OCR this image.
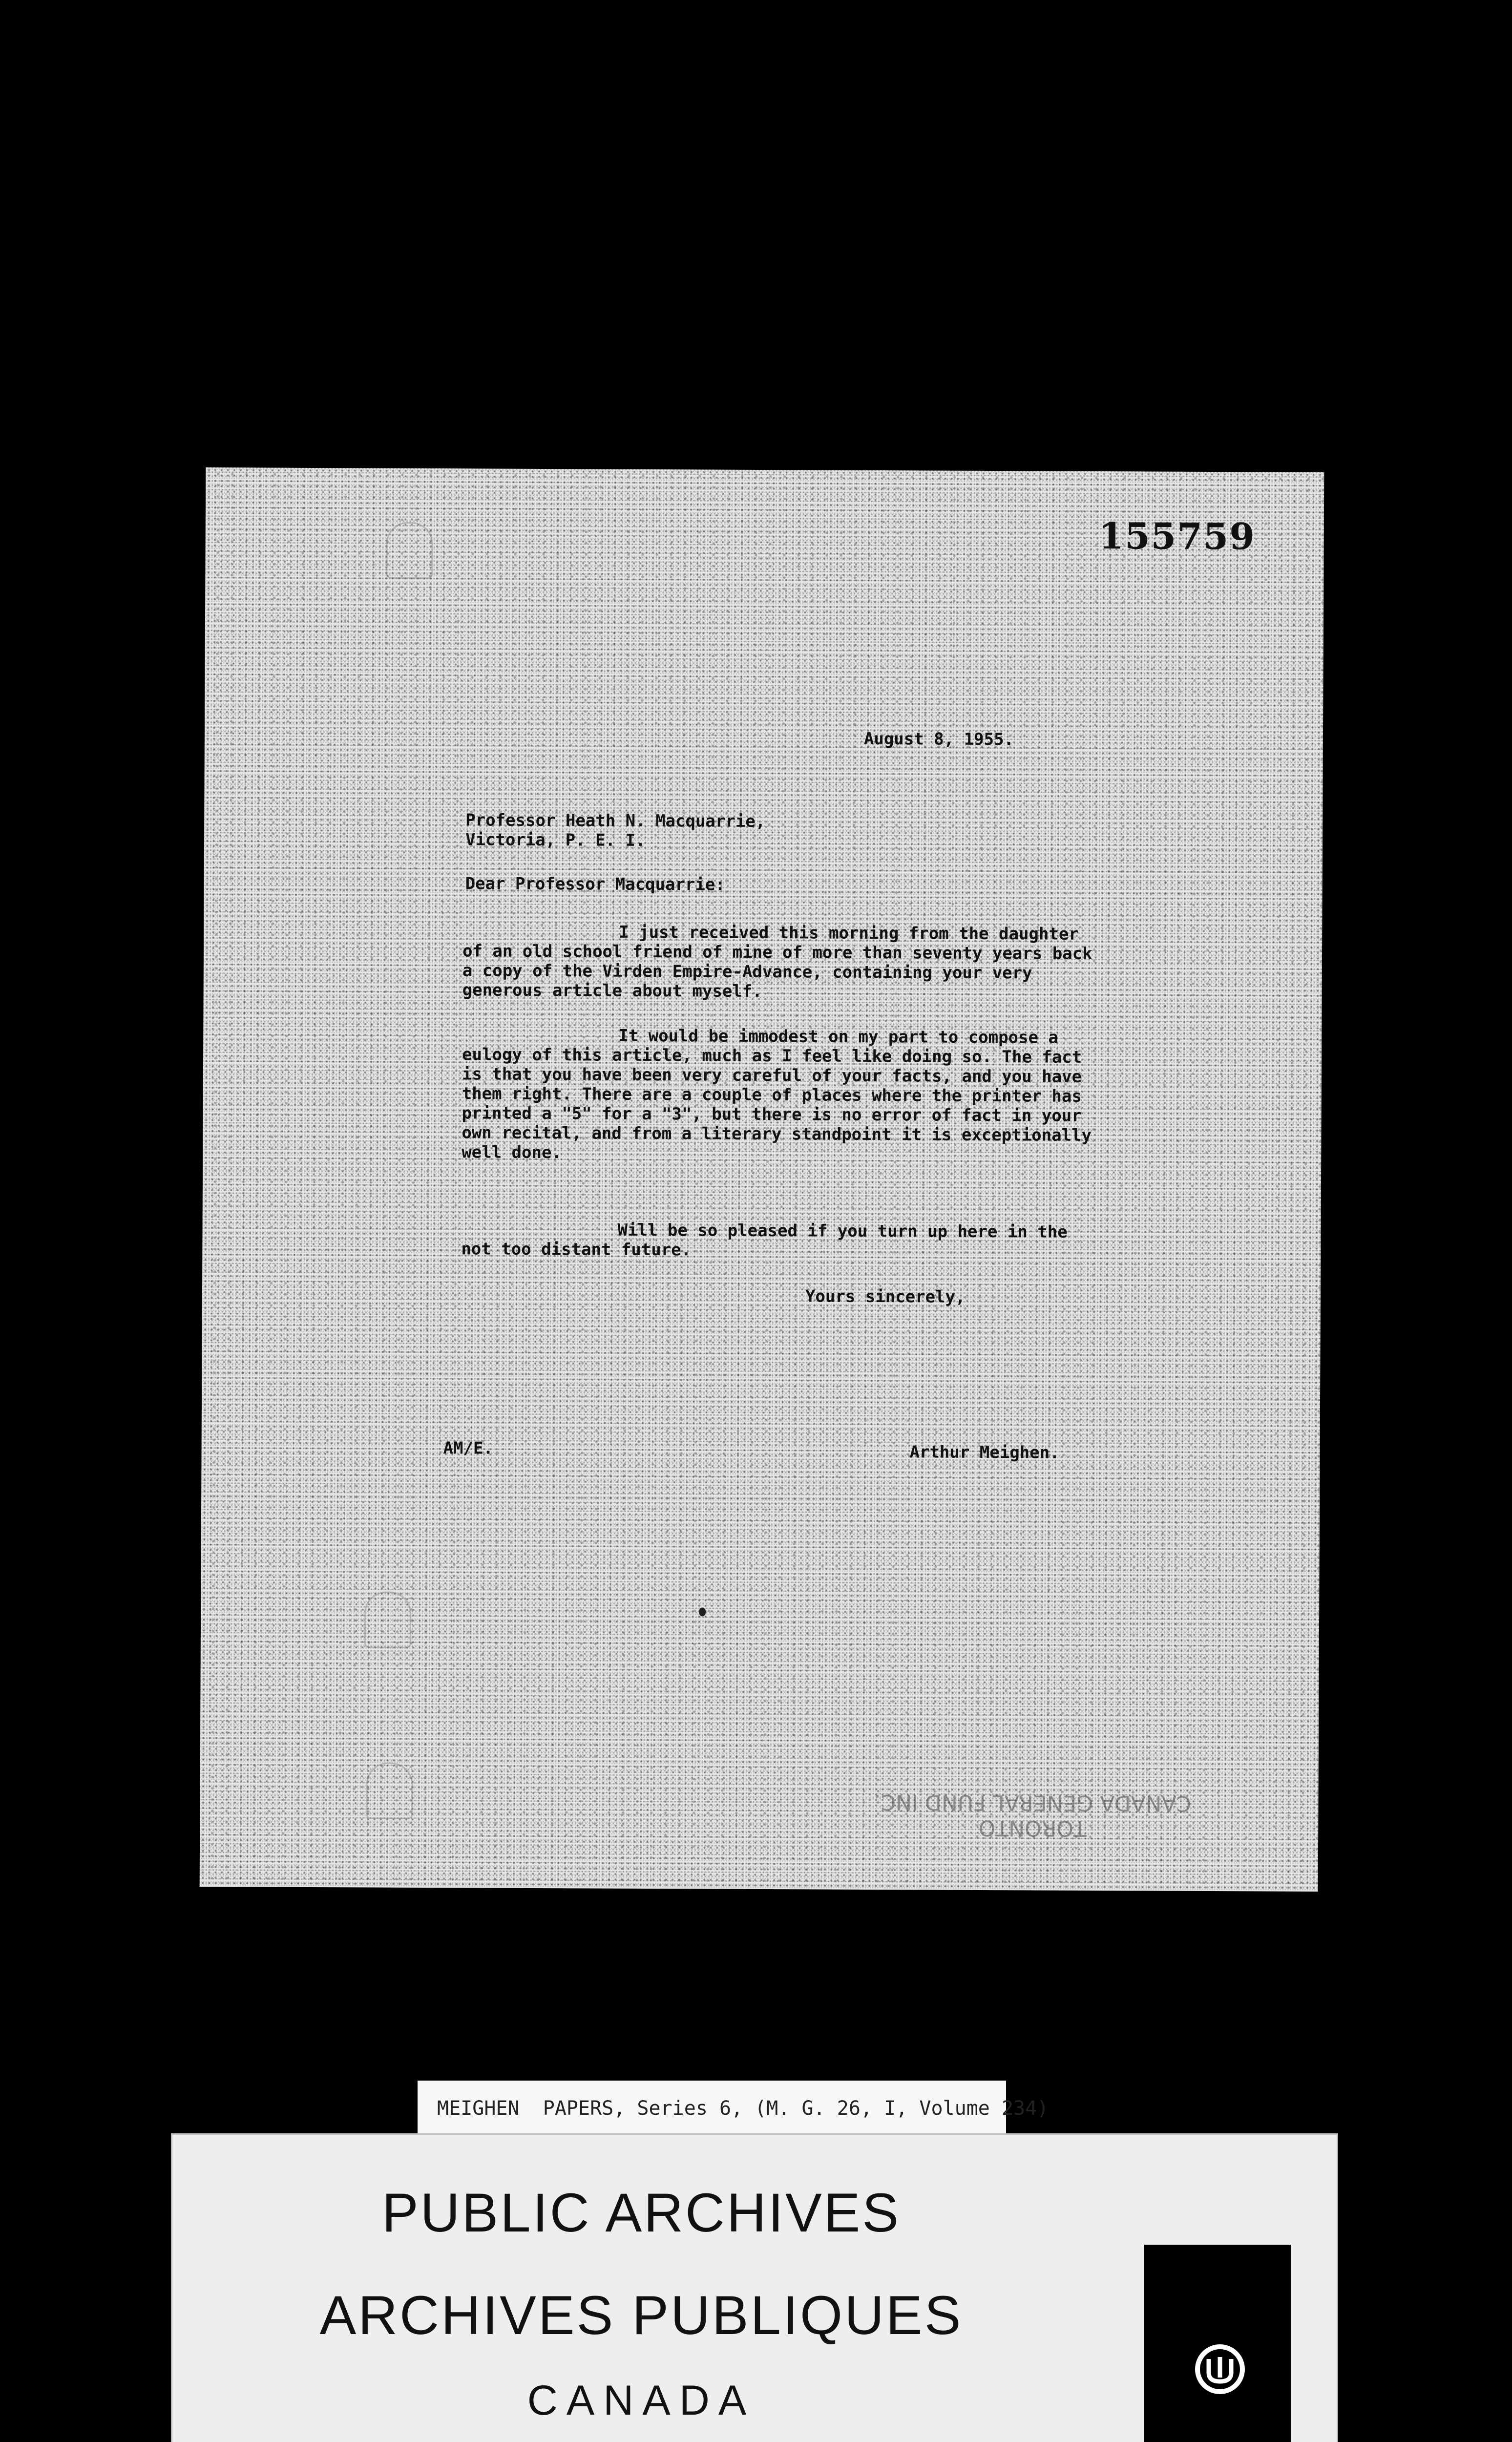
155759
August 8, 1955.
Professor Heath N. Macquarrie,
Victoria, P. E. I.
Dear Professor Macquarrie:
I just received this morning from the daughter of an old school friend of mine of more than seventy years back a copy of the Virden Empire-Advance, containing your very generous article about myself.
It would be immodest on my part to compose a eulogy of this article, much as I feel like doing so. The fact is that you have been very careful of your facts, and you have them right. There are a couple of places where the printer has printed a "5" for a "3", but there is no error of fact in your own recital, and from a literary standpoint it is exceptionally well done.
Will be so pleased if you turn up here in the not too distant future.
Yours sincerely,
AM/E.	Arthur Meighen.
TORONTO
CANADA GENERAL FUND INC.
MEIGHEN  PAPERS, Series 6, (M. G. 26, I, Volume 234)
PUBLIC ARCHIVES
ARCHIVES PUBLIQUES
CANADA
